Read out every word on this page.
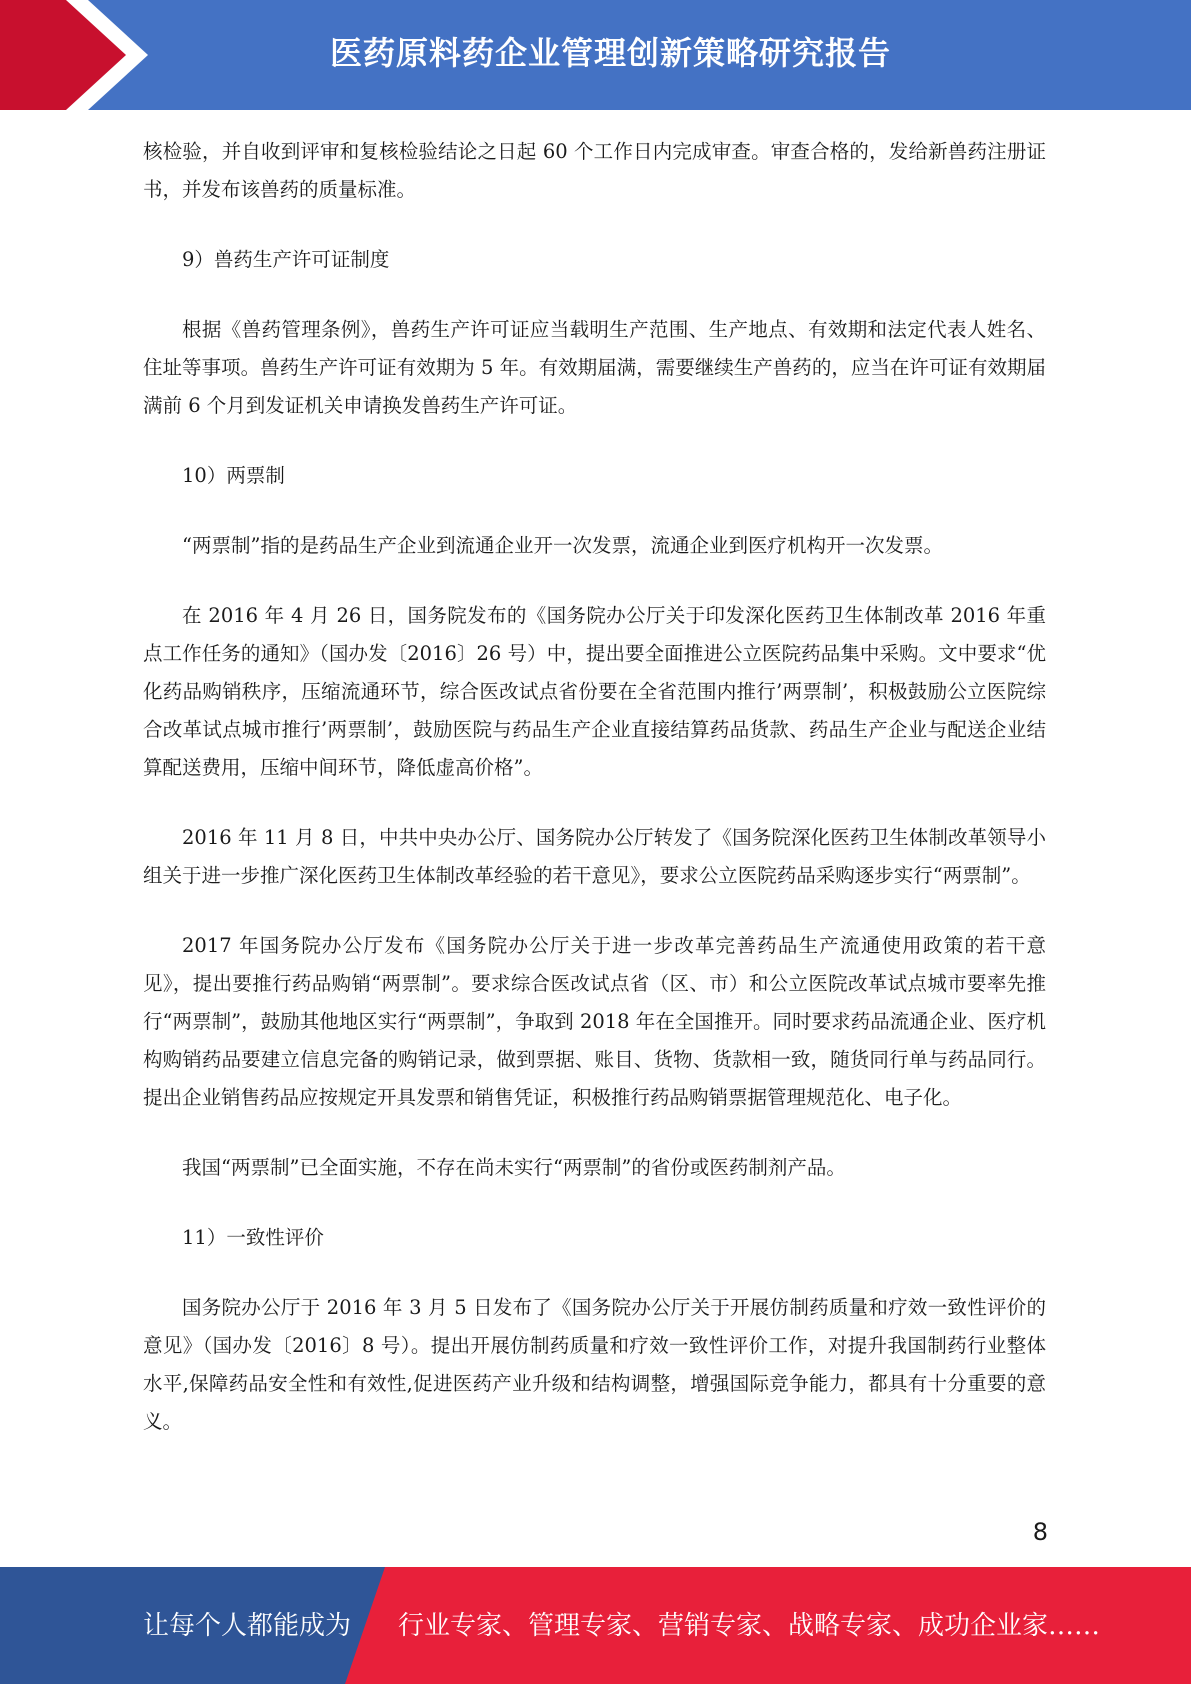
医药原料药企业管理创新策略研究报告

核检验，并自收到评审和复核检验结论之日起 60 个工作日内完成审查。审查合格的，发给新兽药注册证书，并发布该兽药的质量标准。

9）兽药生产许可证制度

根据《兽药管理条例》，兽药生产许可证应当载明生产范围、生产地点、有效期和法定代表人姓名、住址等事项。兽药生产许可证有效期为 5 年。有效期届满，需要继续生产兽药的，应当在许可证有效期届满前 6 个月到发证机关申请换发兽药生产许可证。

10）两票制

“两票制”指的是药品生产企业到流通企业开一次发票，流通企业到医疗机构开一次发票。

在 2016 年 4 月 26 日，国务院发布的《国务院办公厅关于印发深化医药卫生体制改革 2016 年重点工作任务的通知》（国办发〔2016〕26 号）中，提出要全面推进公立医院药品集中采购。文中要求“优化药品购销秩序，压缩流通环节，综合医改试点省份要在全省范围内推行’两票制’，积极鼓励公立医院综合改革试点城市推行’两票制’，鼓励医院与药品生产企业直接结算药品货款、药品生产企业与配送企业结算配送费用，压缩中间环节，降低虚高价格”。

2016 年 11 月 8 日，中共中央办公厅、国务院办公厅转发了《国务院深化医药卫生体制改革领导小组关于进一步推广深化医药卫生体制改革经验的若干意见》，要求公立医院药品采购逐步实行“两票制”。

2017 年国务院办公厅发布《国务院办公厅关于进一步改革完善药品生产流通使用政策的若干意见》，提出要推行药品购销“两票制”。要求综合医改试点省（区、市）和公立医院改革试点城市要率先推行“两票制”，鼓励其他地区实行“两票制”，争取到 2018 年在全国推开。同时要求药品流通企业、医疗机构购销药品要建立信息完备的购销记录，做到票据、账目、货物、货款相一致，随货同行单与药品同行。提出企业销售药品应按规定开具发票和销售凭证，积极推行药品购销票据管理规范化、电子化。

我国“两票制”已全面实施，不存在尚未实行“两票制”的省份或医药制剂产品。

11）一致性评价

国务院办公厅于 2016 年 3 月 5 日发布了《国务院办公厅关于开展仿制药质量和疗效一致性评价的意见》（国办发〔2016〕8 号）。提出开展仿制药质量和疗效一致性评价工作，对提升我国制药行业整体水平,保障药品安全性和有效性,促进医药产业升级和结构调整，增强国际竞争能力，都具有十分重要的意义。

8
让每个人都能成为 行业专家、管理专家、营销专家、战略专家、成功企业家……
